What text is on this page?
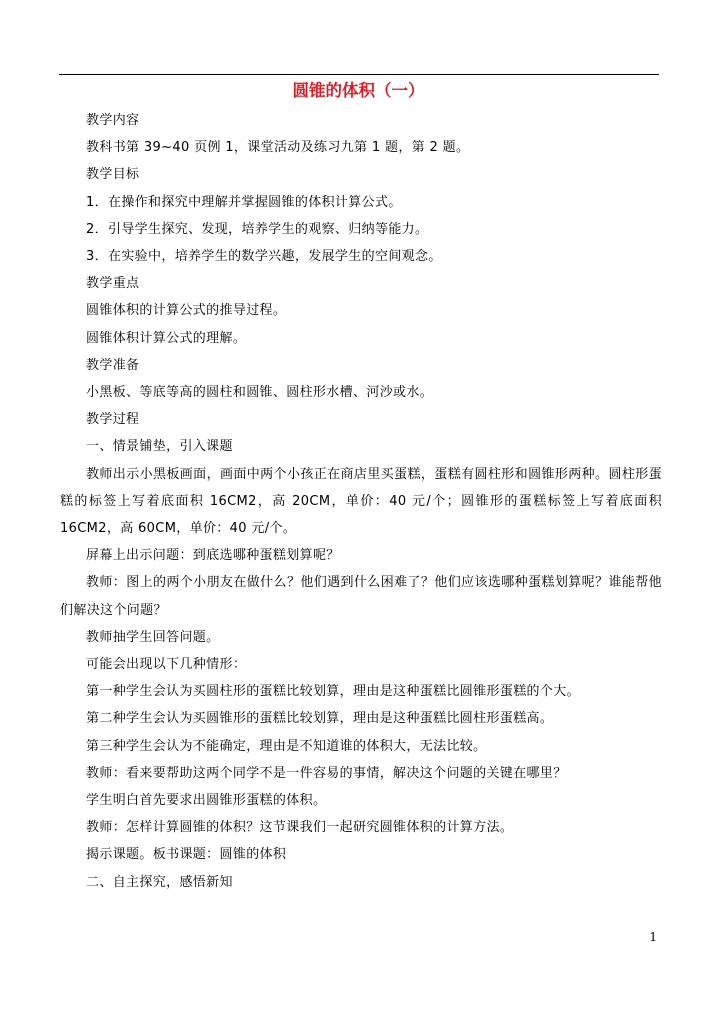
圆锥的体积（一）

教学内容

教科书第 39~40 页例 1，课堂活动及练习九第 1 题，第 2 题。

教学目标

1．在操作和探究中理解并掌握圆锥的体积计算公式。

2．引导学生探究、发现，培养学生的观察、归纳等能力。

3．在实验中，培养学生的数学兴趣，发展学生的空间观念。

教学重点

圆锥体积的计算公式的推导过程。

圆锥体积计算公式的理解。

教学准备

小黑板、等底等高的圆柱和圆锥、圆柱形水槽、河沙或水。

教学过程

一、情景铺垫，引入课题

教师出示小黑板画面，画面中两个小孩正在商店里买蛋糕，蛋糕有圆柱形和圆锥形两种。圆柱形蛋糕的标签上写着底面积 16CM2，高 20CM，单价：40 元/个；圆锥形的蛋糕标签上写着底面积 16CM2，高 60CM，单价：40 元/个。

屏幕上出示问题：到底选哪种蛋糕划算呢？

教师：图上的两个小朋友在做什么？他们遇到什么困难了？他们应该选哪种蛋糕划算呢？谁能帮他们解决这个问题？

教师抽学生回答问题。

可能会出现以下几种情形：

第一种学生会认为买圆柱形的蛋糕比较划算，理由是这种蛋糕比圆锥形蛋糕的个大。

第二种学生会认为买圆锥形的蛋糕比较划算，理由是这种蛋糕比圆柱形蛋糕高。

第三种学生会认为不能确定，理由是不知道谁的体积大，无法比较。

教师：看来要帮助这两个同学不是一件容易的事情，解决这个问题的关键在哪里？

学生明白首先要求出圆锥形蛋糕的体积。

教师：怎样计算圆锥的体积？这节课我们一起研究圆锥体积的计算方法。

揭示课题。板书课题：圆锥的体积

二、自主探究，感悟新知

1
